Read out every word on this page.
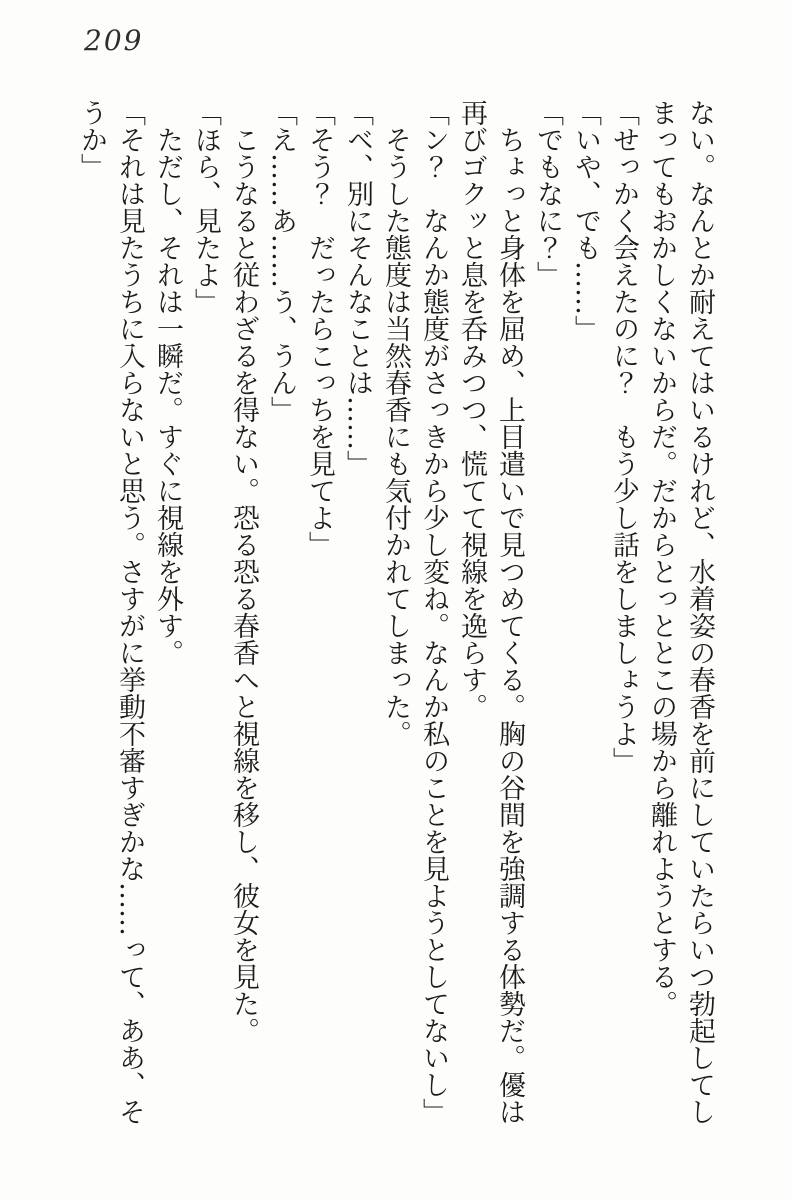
209
ない。なんとか耐えてはいるけれど、水着姿の春香を前にしていたらいつ勃起してし
まってもおかしくないからだ。だからとっととこの場から離れようとする。
「せっかく会えたのに？　もう少し話をしましょうよ」
「いや、でも……」
「でもなに？」
　ちょっと身体を屈め、上目遣いで見つめてくる。胸の谷間を強調する体勢だ。優は
再びゴクッと息を呑みつつ、慌てて視線を逸らす。
「ン？　なんか態度がさっきから少し変ね。なんか私のことを見ようとしてないし」
　そうした態度は当然春香にも気付かれてしまった。
「ベ、別にそんなことは……」
「そう？　だったらこっちを見てよ」
「え……あ……う、うん」
　こうなると従わざるを得ない。恐る恐る春香へと視線を移し、彼女を見た。
「ほら、見たよ」
　ただし、それは一瞬だ。すぐに視線を外す。
「それは見たうちに入らないと思う。さすがに挙動不審すぎかな……って、ああ、そ
うか」
